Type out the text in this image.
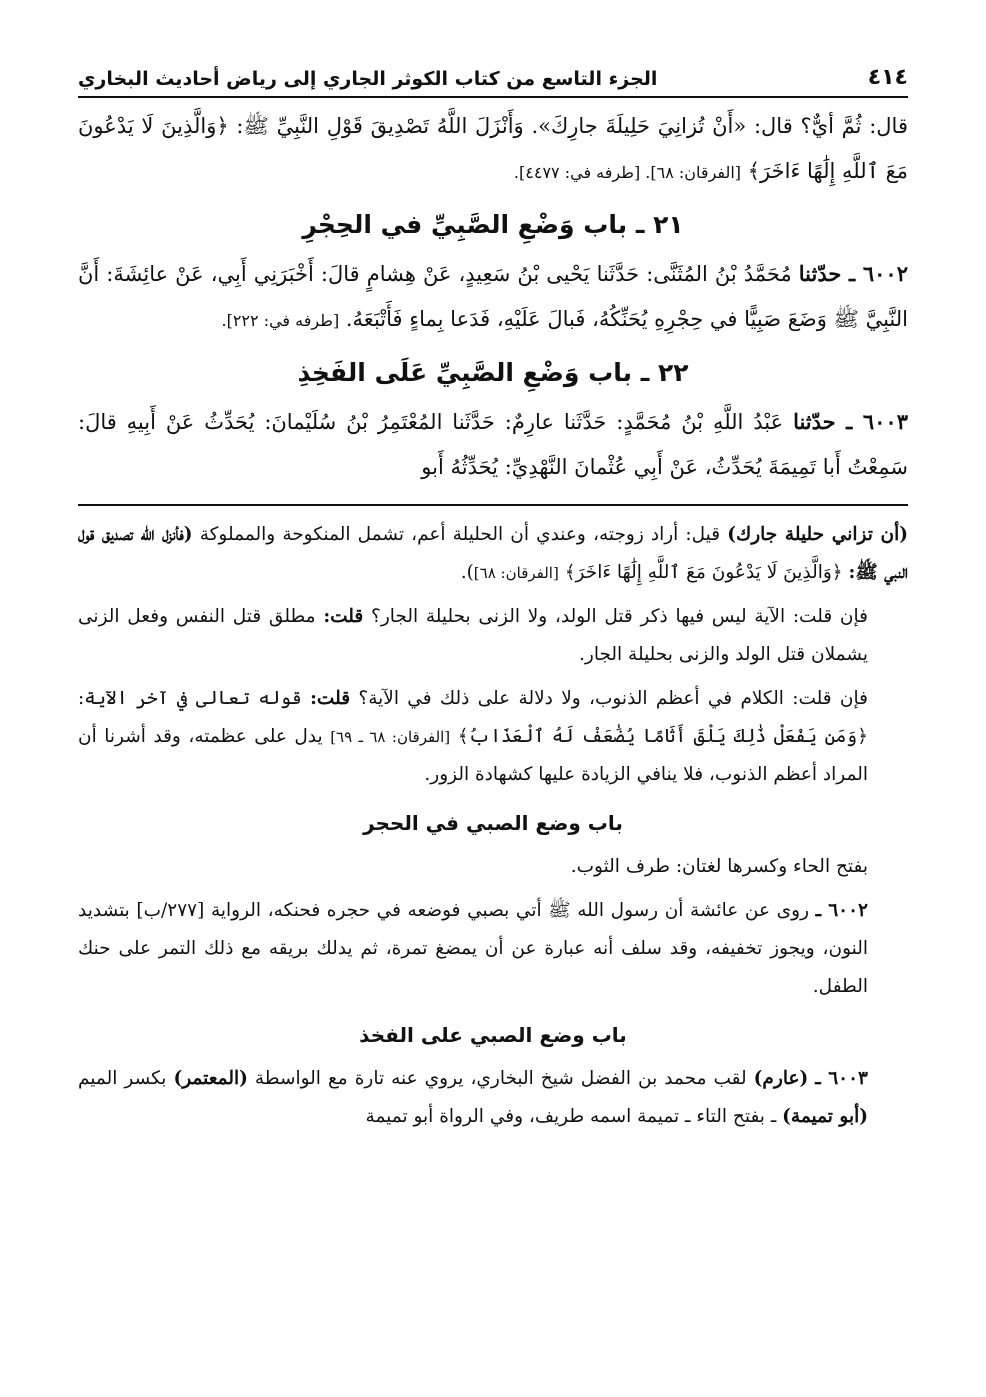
٤١٤
الجزء التاسع من كتاب الكوثر الجاري إلى رياض أحاديث البخاري

قال: ثُمَّ أيٌّ؟ قال: «أَنْ تُزانِيَ حَلِيلَةَ جارِكَ». وَأَنْزَلَ اللَّهُ تَصْدِيقَ قَوْلِ النَّبِيِّ ﷺ: ﴿وَالَّذِينَ لَا يَدْعُونَ مَعَ ٱللَّهِ إِلَٰهًا ءَاخَرَ﴾ [الفرقان: ٦٨]. [طرفه في: ٤٤٧٧].

٢١ ـ باب وَضْعِ الصَّبِيِّ في الحِجْرِ

٦٠٠٢ ـ حدّثنا مُحَمَّدُ بْنُ المُثَنَّى: حَدَّثَنا يَحْيى بْنُ سَعِيدٍ، عَنْ هِشامٍ قالَ: أَخْبَرَنِي أَبِي، عَنْ عائِشَةَ: أَنَّ النَّبِيَّ ﷺ وَضَعَ صَبِيًّا في حِجْرِهِ يُحَنِّكُهُ، فَبالَ عَلَيْهِ، فَدَعا بِماءٍ فَأَتْبَعَهُ. [طرفه في: ٢٢٢].

٢٢ ـ باب وَضْعِ الصَّبِيِّ عَلَى الفَخِذِ

٦٠٠٣ ـ حدّثنا عَبْدُ اللَّهِ بْنُ مُحَمَّدٍ: حَدَّثَنا عارِمٌ: حَدَّثَنا المُعْتَمِرُ بْنُ سُلَيْمانَ: يُحَدِّثُ عَنْ أَبِيهِ قالَ: سَمِعْتُ أَبا تَمِيمَةَ يُحَدِّثُ، عَنْ أَبِي عُثْمانَ النَّهْدِيِّ: يُحَدِّثُهُ أَبو

(أن تزاني حليلة جارك) قيل: أراد زوجته، وعندي أن الحليلة أعم، تشمل المنكوحة والمملوكة (فأنزل الله تصديق قول النبي ﷺ: ﴿وَالَّذِينَ لَا يَدْعُونَ مَعَ ٱللَّهِ إِلَٰهًا ءَاخَرَ﴾ [الفرقان: ٦٨]).

فإن قلت: الآية ليس فيها ذكر قتل الولد، ولا الزنى بحليلة الجار؟ قلت: مطلق قتل النفس وفعل الزنى يشملان قتل الولد والزنى بحليلة الجار.

فإن قلت: الكلام في أعظم الذنوب، ولا دلالة على ذلك في الآية؟ قلت: قوله تعالى في آخر الآية: ﴿وَمَن يَفْعَلْ ذَٰلِكَ يَلْقَ أَثَامًا يُضَٰعَفْ لَهُ ٱلْعَذَابُ﴾ [الفرقان: ٦٨ ـ ٦٩] يدل على عظمته، وقد أشرنا أن المراد أعظم الذنوب، فلا ينافي الزيادة عليها كشهادة الزور.

باب وضع الصبي في الحجر

بفتح الحاء وكسرها لغتان: طرف الثوب.

٦٠٠٢ ـ روى عن عائشة أن رسول الله ﷺ أتي بصبي فوضعه في حجره فحنكه، الرواية [٢٧٧/ب] بتشديد النون، ويجوز تخفيفه، وقد سلف أنه عبارة عن أن يمضغ تمرة، ثم يدلك بريقه مع ذلك التمر على حنك الطفل.

باب وضع الصبي على الفخذ

٦٠٠٣ ـ (عارم) لقب محمد بن الفضل شيخ البخاري، يروي عنه تارة مع الواسطة (المعتمر) بكسر الميم (أبو تميمة) ـ بفتح التاء ـ تميمة اسمه طريف، وفي الرواة أبو تميمة
